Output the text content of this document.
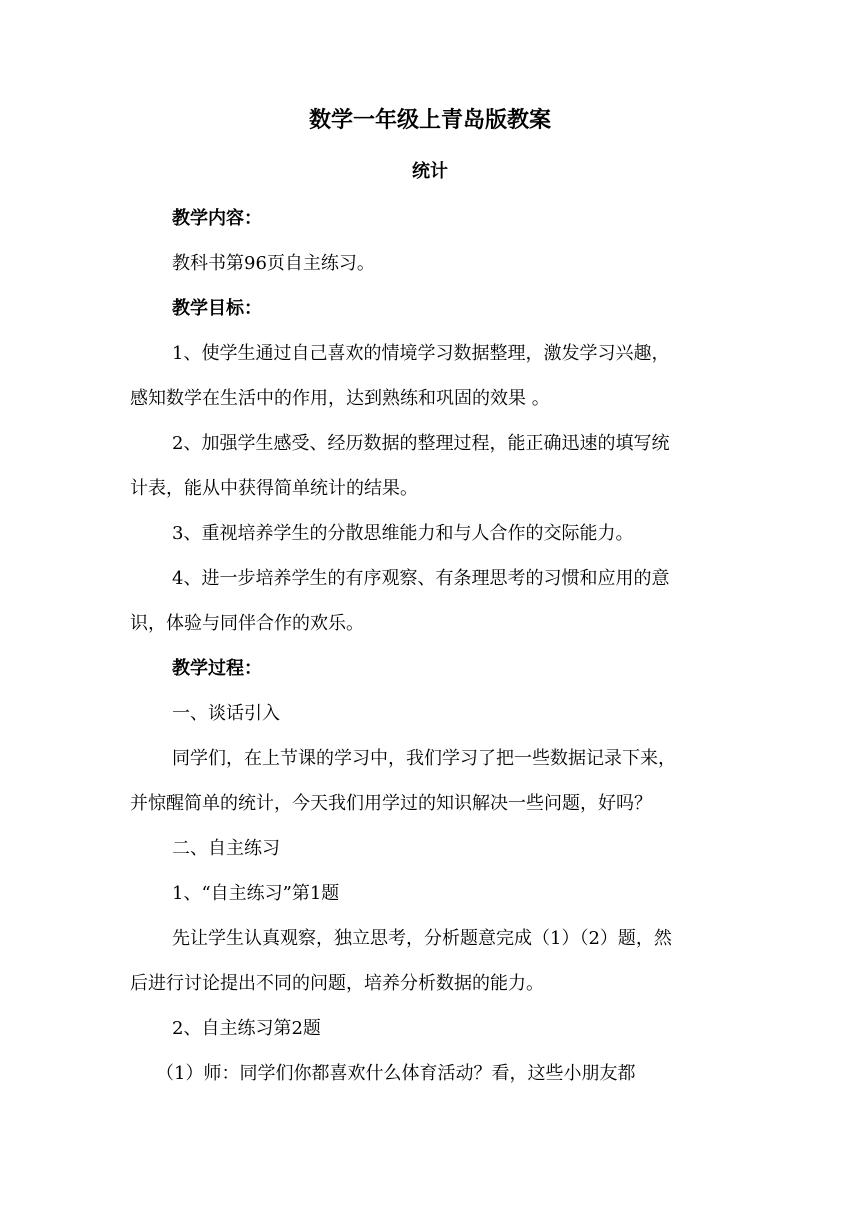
数学一年级上青岛版教案
统计
教学内容：
教科书第96页自主练习。
教学目标：
1、使学生通过自己喜欢的情境学习数据整理，激发学习兴趣，
感知数学在生活中的作用，达到熟练和巩固的效果 。
2、加强学生感受、经历数据的整理过程，能正确迅速的填写统
计表，能从中获得简单统计的结果。
3、重视培养学生的分散思维能力和与人合作的交际能力。
4、进一步培养学生的有序观察、有条理思考的习惯和应用的意
识，体验与同伴合作的欢乐。
教学过程：
一、谈话引入
同学们，在上节课的学习中，我们学习了把一些数据记录下来，
并惊醒简单的统计，今天我们用学过的知识解决一些问题，好吗？
二、自主练习
1、“自主练习”第1题
先让学生认真观察，独立思考，分析题意完成（1）（2）题，然
后进行讨论提出不同的问题，培养分析数据的能力。
2、自主练习第2题
（1）师：同学们你都喜欢什么体育活动？看，这些小朋友都
